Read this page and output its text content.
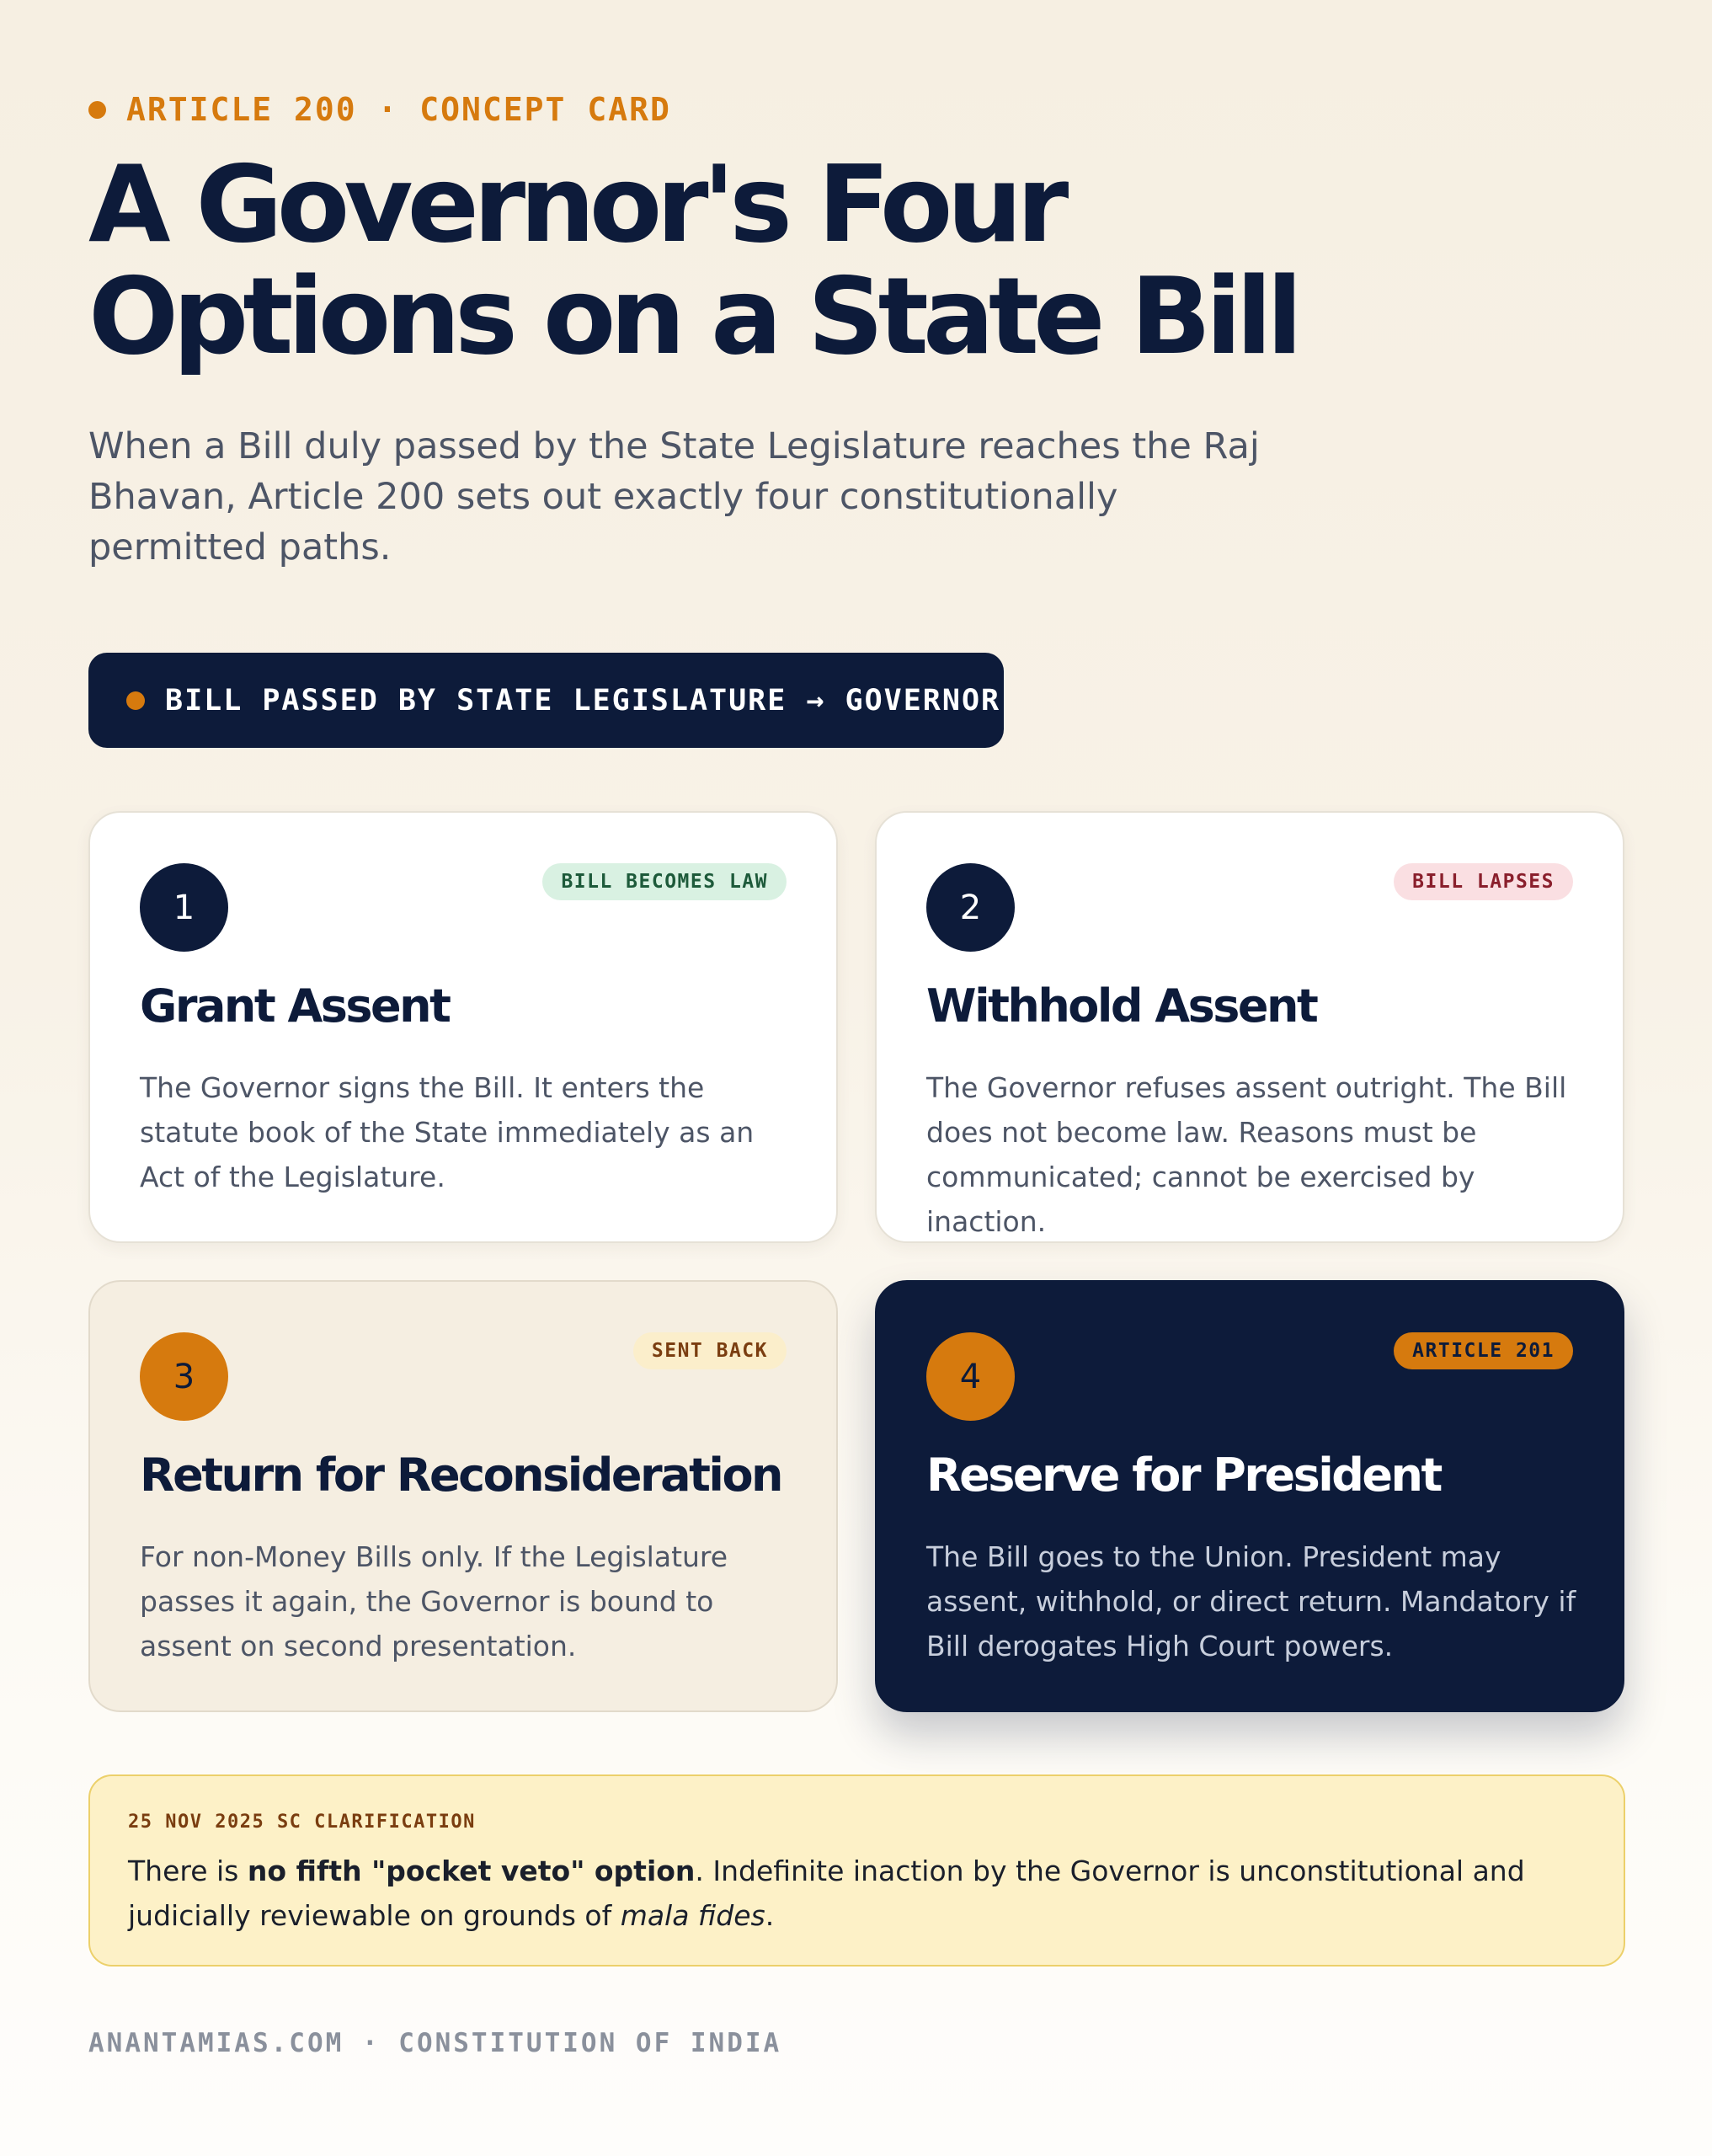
ARTICLE 200 · CONCEPT CARD
A Governor's Four
Options on a State Bill

When a Bill duly passed by the State Legislature reaches the Raj Bhavan, Article 200 sets out exactly four constitutionally permitted paths.

BILL PASSED BY STATE LEGISLATURE → GOVERNOR
1
BILL BECOMES LAW
Grant Assent

The Governor signs the Bill. It enters the statute book of the State immediately as an Act of the Legislature.

2
BILL LAPSES
Withhold Assent

The Governor refuses assent outright. The Bill does not become law. Reasons must be communicated; cannot be exercised by inaction.

3
SENT BACK
Return for Reconsideration

For non-Money Bills only. If the Legislature passes it again, the Governor is bound to assent on second presentation.

4
ARTICLE 201
Reserve for President

The Bill goes to the Union. President may assent, withhold, or direct return. Mandatory if Bill derogates High Court powers.

25 NOV 2025 SC CLARIFICATION

There is no fifth "pocket veto" option. Indefinite inaction by the Governor is unconstitutional and judicially reviewable on grounds of mala fides.

ANANTAMIAS.COM · CONSTITUTION OF INDIA
